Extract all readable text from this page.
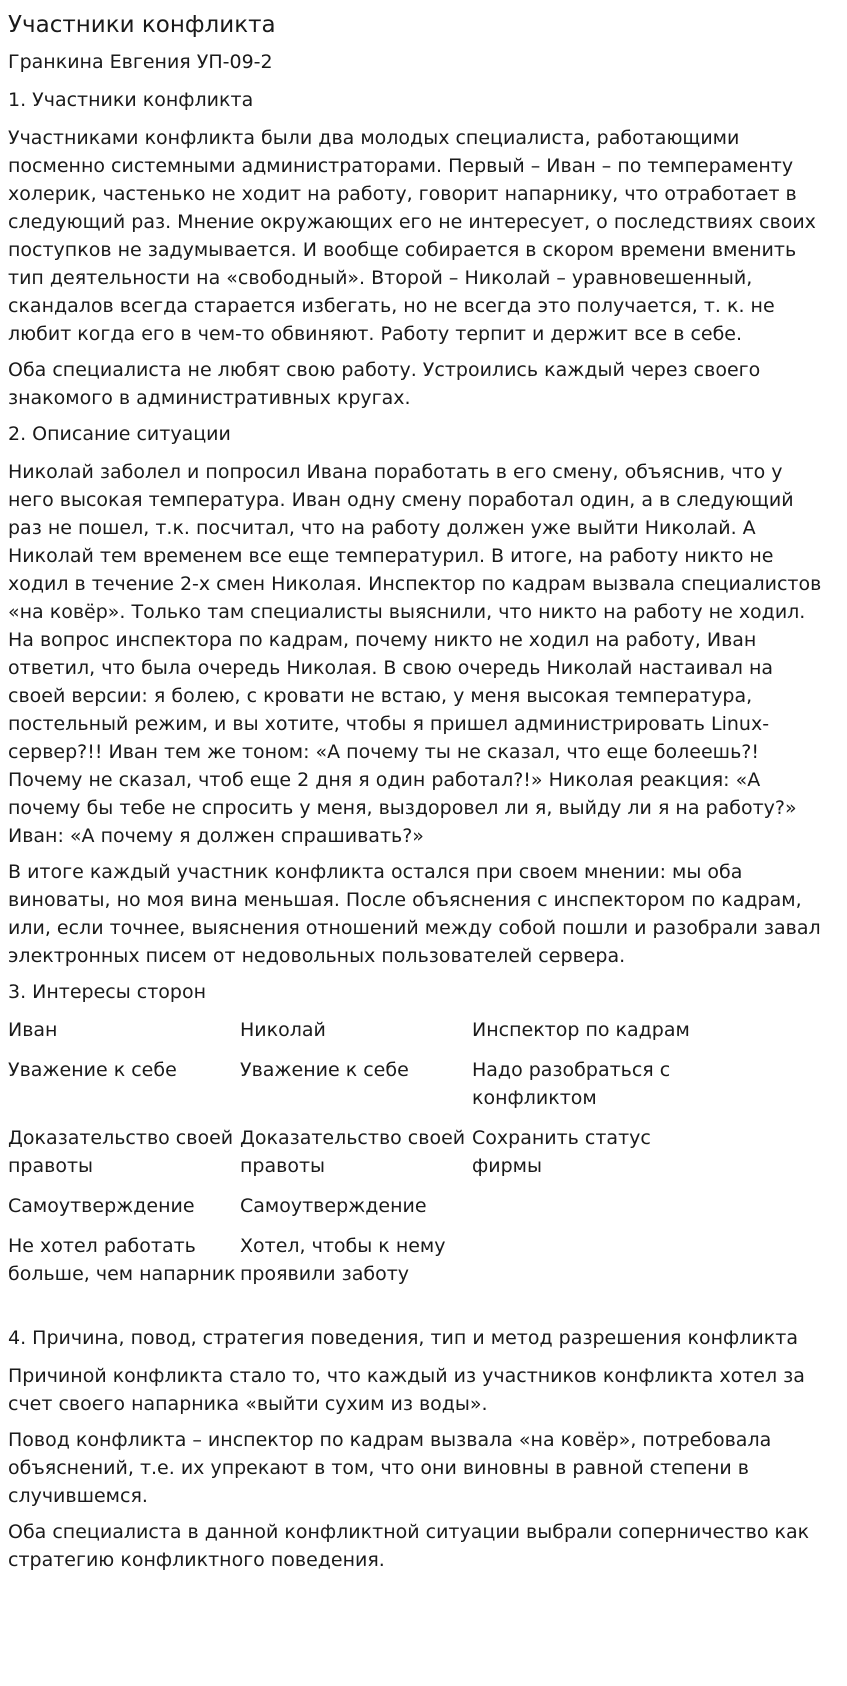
Участники конфликта

Гранкина Евгения УП-09-2

1. Участники конфликта

Участниками конфликта были два молодых специалиста, работающими посменно системными администраторами. Первый – Иван – по темпераменту холерик, частенько не ходит на работу, говорит напарнику, что отработает в следующий раз. Мнение окружающих его не интересует, о последствиях своих поступков не задумывается. И вообще собирается в скором времени вменить тип деятельности на «свободный». Второй – Николай – уравновешенный, скандалов всегда старается избегать, но не всегда это получается, т. к. не любит когда его в чем-то обвиняют. Работу терпит и держит все в себе.

Оба специалиста не любят свою работу. Устроились каждый через своего знакомого в административных кругах.

2. Описание ситуации

Николай заболел и попросил Ивана поработать в его смену, объяснив, что у него высокая температура. Иван одну смену поработал один, а в следующий раз не пошел, т.к. посчитал, что на работу должен уже выйти Николай. А Николай тем временем все еще температурил. В итоге, на работу никто не ходил в течение 2-х смен Николая. Инспектор по кадрам вызвала специалистов «на ковёр». Только там специалисты выяснили, что никто на работу не ходил. На вопрос инспектора по кадрам, почему никто не ходил на работу, Иван ответил, что была очередь Николая. В свою очередь Николай настаивал на своей версии: я болею, с кровати не встаю, у меня высокая температура, постельный режим, и вы хотите, чтобы я пришел администрировать Linux-сервер?!! Иван тем же тоном: «А почему ты не сказал, что еще болеешь?! Почему не сказал, чтоб еще 2 дня я один работал?!» Николая реакция: «А почему бы тебе не спросить у меня, выздоровел ли я, выйду ли я на работу?» Иван: «А почему я должен спрашивать?»

В итоге каждый участник конфликта остался при своем мнении: мы оба виноваты, но моя вина меньшая. После объяснения с инспектором по кадрам, или, если точнее, выяснения отношений между собой пошли и разобрали завал электронных писем от недовольных пользователей сервера.

3. Интересы сторон

Иван	Николай	Инспектор по кадрам
Уважение к себе	Уважение к себе	Надо разобраться с конфликтом
Доказательство своей правоты	Доказательство своей правоты	Сохранить статус фирмы
Самоутверждение	Самоутверждение	
Не хотел работать больше, чем напарник	Хотел, чтобы к нему проявили заботу	

4. Причина, повод, стратегия поведения, тип и метод разрешения конфликта

Причиной конфликта стало то, что каждый из участников конфликта хотел за счет своего напарника «выйти сухим из воды».

Повод конфликта – инспектор по кадрам вызвала «на ковёр», потребовала объяснений, т.е. их упрекают в том, что они виновны в равной степени в случившемся.

Оба специалиста в данной конфликтной ситуации выбрали соперничество как стратегию конфликтного поведения.
